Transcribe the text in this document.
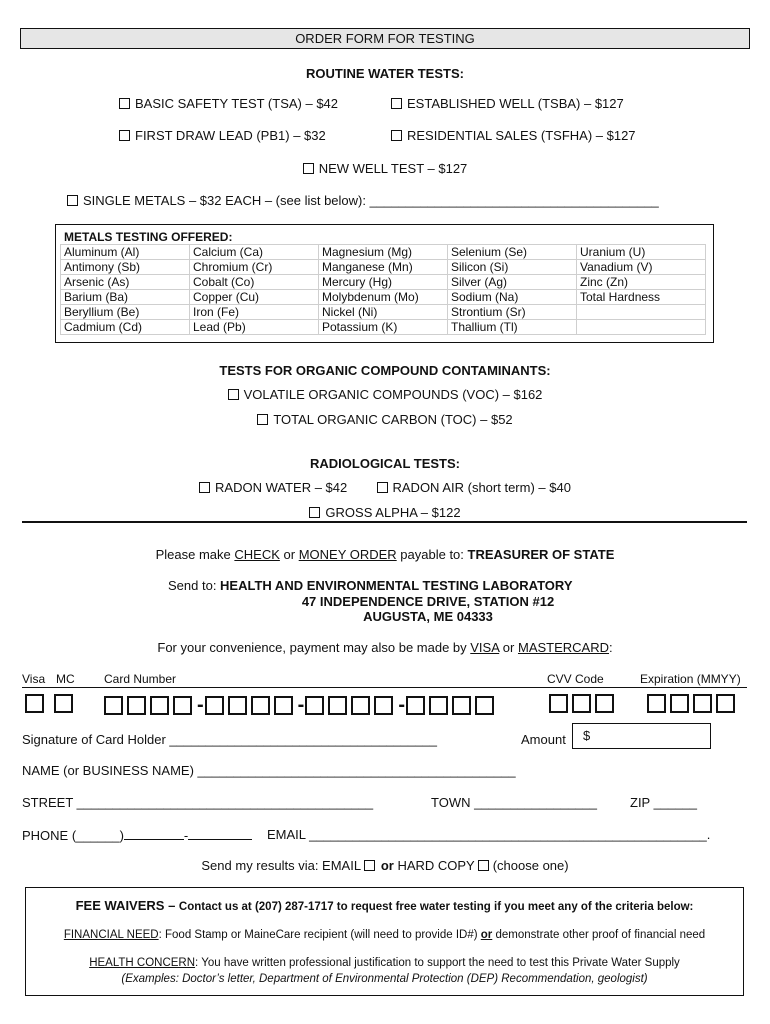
ORDER FORM FOR TESTING
ROUTINE WATER TESTS:
BASIC SAFETY TEST (TSA) – $42	ESTABLISHED WELL (TSBA) – $127
FIRST DRAW LEAD (PB1) – $32	RESIDENTIAL SALES (TSFHA) – $127
NEW WELL TEST – $127
SINGLE METALS – $32 EACH – (see list below): ________________________________________
METALS TESTING OFFERED:
Aluminum (Al)	Calcium (Ca)	Magnesium (Mg)	Selenium (Se)	Uranium (U)
Antimony (Sb)	Chromium (Cr)	Manganese (Mn)	Silicon (Si)	Vanadium (V)
Arsenic (As)	Cobalt (Co)	Mercury (Hg)	Silver (Ag)	Zinc (Zn)
Barium (Ba)	Copper (Cu)	Molybdenum (Mo)	Sodium (Na)	Total Hardness
Beryllium (Be)	Iron (Fe)	Nickel (Ni)	Strontium (Sr)	
Cadmium (Cd)	Lead (Pb)	Potassium (K)	Thallium (Tl)	
TESTS FOR ORGANIC COMPOUND CONTAMINANTS:
VOLATILE ORGANIC COMPOUNDS (VOC) – $162
TOTAL ORGANIC CARBON (TOC) – $52
RADIOLOGICAL TESTS:
RADON WATER – $42	RADON AIR (short term) – $40
GROSS ALPHA – $122
Please make CHECK or MONEY ORDER payable to: TREASURER OF STATE
Send to: HEALTH AND ENVIRONMENTAL TESTING LABORATORY
47 INDEPENDENCE DRIVE, STATION #12
AUGUSTA, ME 04333
For your convenience, payment may also be made by VISA or MASTERCARD:
Visa MC Card Number	CVV Code	Expiration (MMYY)
-	-	-
Signature of Card Holder _____________________________________	Amount	$
NAME (or BUSINESS NAME) ____________________________________________
STREET _________________________________________	TOWN _________________	ZIP ______
PHONE (______)	-	EMAIL _______________________________________________________.
Send my results via: EMAIL  or HARD COPY  (choose one)
FEE WAIVERS – Contact us at (207) 287-1717 to request free water testing if you meet any of the criteria below:
FINANCIAL NEED: Food Stamp or MaineCare recipient (will need to provide ID#) or demonstrate other proof of financial need
HEALTH CONCERN: You have written professional justification to support the need to test this Private Water Supply
(Examples: Doctor’s letter, Department of Environmental Protection (DEP) Recommendation, geologist)
